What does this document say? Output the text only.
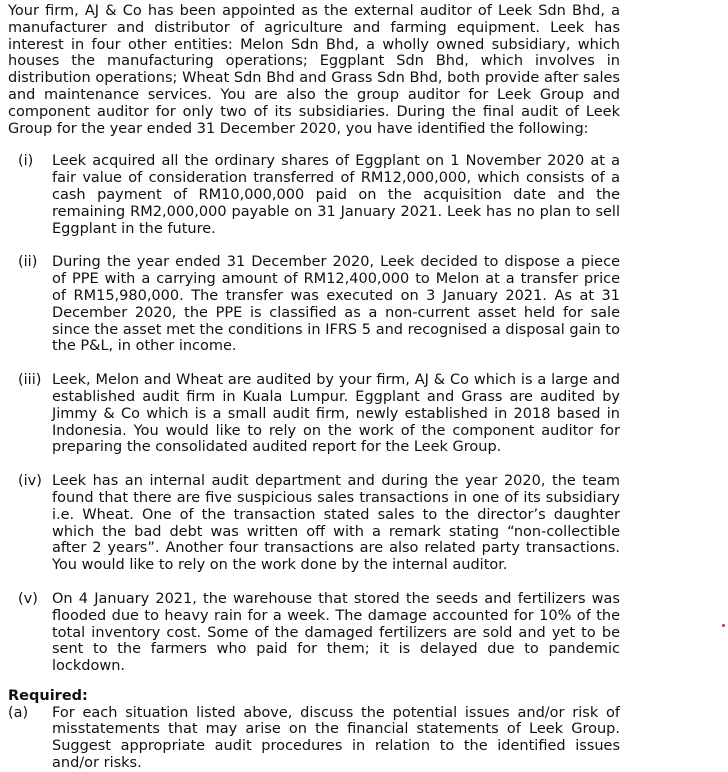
Your firm, AJ & Co has been appointed as the external auditor of Leek Sdn Bhd, a manufacturer and distributor of agriculture and farming equipment. Leek has interest in four other entities: Melon Sdn Bhd, a wholly owned subsidiary, which houses the manufacturing operations; Eggplant Sdn Bhd, which involves in distribution operations; Wheat Sdn Bhd and Grass Sdn Bhd, both provide after sales and maintenance services. You are also the group auditor for Leek Group and component auditor for only two of its subsidiaries. During the final audit of Leek Group for the year ended 31 December 2020, you have identified the following:

(i)	Leek acquired all the ordinary shares of Eggplant on 1 November 2020 at a fair value of consideration transferred of RM12,000,000, which consists of a cash payment of RM10,000,000 paid on the acquisition date and the remaining RM2,000,000 payable on 31 January 2021. Leek has no plan to sell Eggplant in the future.
(ii)	During the year ended 31 December 2020, Leek decided to dispose a piece of PPE with a carrying amount of RM12,400,000 to Melon at a transfer price of RM15,980,000. The transfer was executed on 3 January 2021. As at 31 December 2020, the PPE is classified as a non-current asset held for sale since the asset met the conditions in IFRS 5 and recognised a disposal gain to the P&L, in other income.
(iii) Leek, Melon and Wheat are audited by your firm, AJ & Co which is a large and established audit firm in Kuala Lumpur. Eggplant and Grass are audited by Jimmy & Co which is a small audit firm, newly established in 2018 based in Indonesia. You would like to rely on the work of the component auditor for preparing the consolidated audited report for the Leek Group.
(iv) Leek has an internal audit department and during the year 2020, the team found that there are five suspicious sales transactions in one of its subsidiary i.e. Wheat. One of the transaction stated sales to the director’s daughter which the bad debt was written off with a remark stating “non-collectible after 2 years”. Another four transactions are also related party transactions. You would like to rely on the work done by the internal auditor.
(v) On 4 January 2021, the warehouse that stored the seeds and fertilizers was flooded due to heavy rain for a week. The damage accounted for 10% of the total inventory cost. Some of the damaged fertilizers are sold and yet to be sent to the farmers who paid for them; it is delayed due to pandemic lockdown.
Required:
(a)	For each situation listed above, discuss the potential issues and/or risk of misstatements that may arise on the financial statements of Leek Group. Suggest appropriate audit procedures in relation to the identified issues and/or risks.
